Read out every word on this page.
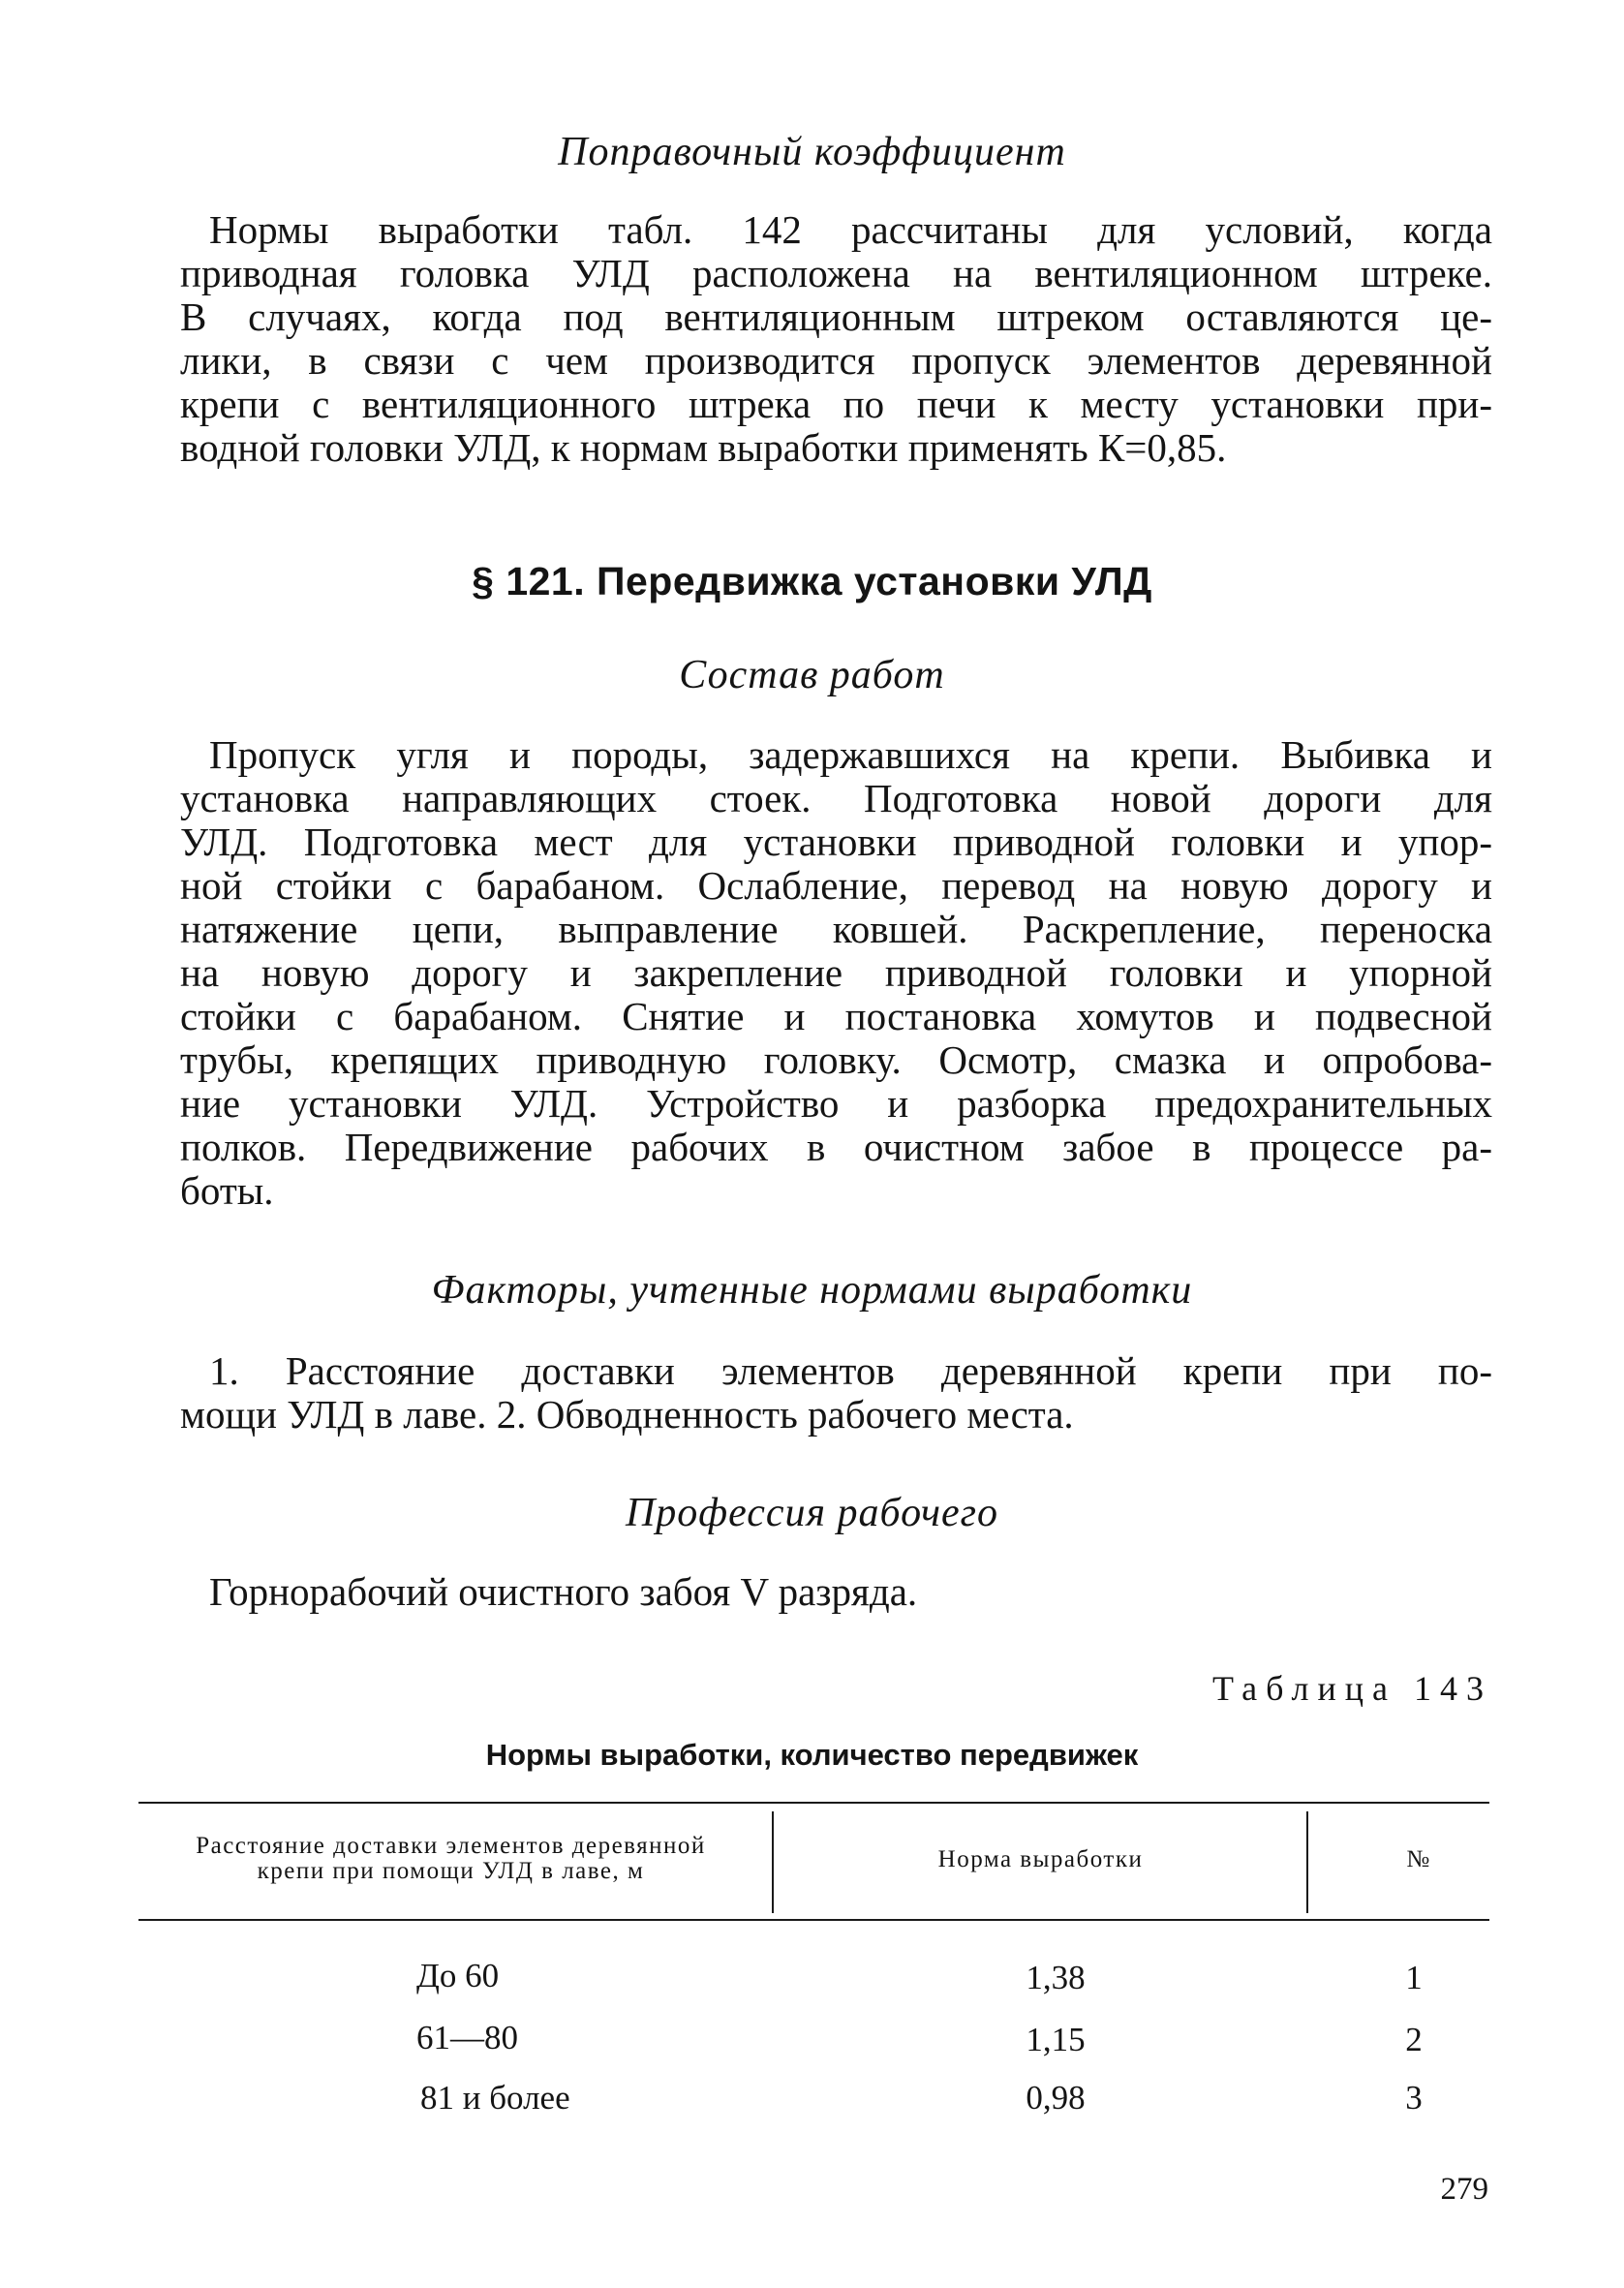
Поправочный коэффициент
Нормы выработки табл. 142 рассчитаны для условий, когда
приводная головка УЛД расположена на вентиляционном штреке.
В случаях, когда под вентиляционным штреком оставляются це-
лики, в связи с чем производится пропуск элементов деревянной
крепи с вентиляционного штрека по печи к месту установки при-
водной головки УЛД, к нормам выработки применять К=0,85.
§ 121. Передвижка установки УЛД
Состав работ
Пропуск угля и породы, задержавшихся на крепи. Выбивка и
установка направляющих стоек. Подготовка новой дороги для
УЛД. Подготовка мест для установки приводной головки и упор-
ной стойки с барабаном. Ослабление, перевод на новую дорогу и
натяжение цепи, выправление ковшей. Раскрепление, переноска
на новую дорогу и закрепление приводной головки и упорной
стойки с барабаном. Снятие и постановка хомутов и подвесной
трубы, крепящих приводную головку. Осмотр, смазка и опробова-
ние установки УЛД. Устройство и разборка предохранительных
полков. Передвижение рабочих в очистном забое в процессе ра-
боты.
Факторы, учтенные нормами выработки
1. Расстояние доставки элементов деревянной крепи при по-
мощи УЛД в лаве. 2. Обводненность рабочего места.
Профессия рабочего
Горнорабочий очистного забоя V разряда.
Таблица 143
Нормы выработки, количество передвижек
Расстояние доставки элементов деревянной
крепи при помощи УЛД в лаве, м	Норма выработки	№
До 60	1,38	1
61—80	1,15	2
81 и более	0,98	3
279
